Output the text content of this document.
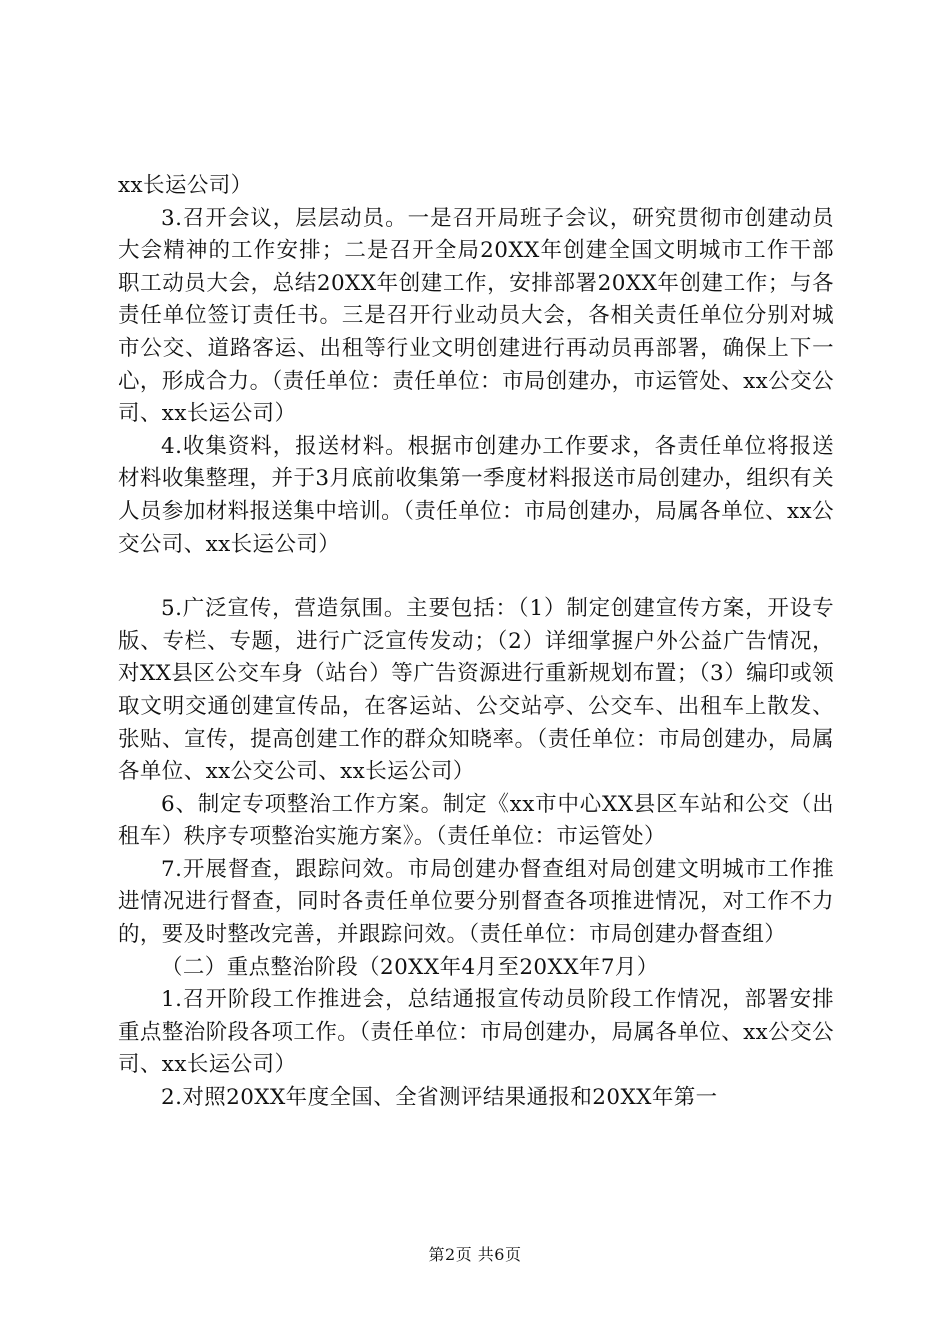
xx长运公司）

3.召开会议，层层动员。一是召开局班子会议，研究贯彻市创建动员大会精神的工作安排；二是召开全局20XX年创建全国文明城市工作干部职工动员大会，总结20XX年创建工作，安排部署20XX年创建工作；与各责任单位签订责任书。三是召开行业动员大会，各相关责任单位分别对城市公交、道路客运、出租等行业文明创建进行再动员再部署，确保上下一心，形成合力。（责任单位：责任单位：市局创建办，市运管处、xx公交公司、xx长运公司）

4.收集资料，报送材料。根据市创建办工作要求，各责任单位将报送材料收集整理，并于3月底前收集第一季度材料报送市局创建办，组织有关人员参加材料报送集中培训。（责任单位：市局创建办，局属各单位、xx公交公司、xx长运公司）

5.广泛宣传，营造氛围。主要包括：（1）制定创建宣传方案，开设专版、专栏、专题，进行广泛宣传发动；（2）详细掌握户外公益广告情况，对XX县区公交车身（站台）等广告资源进行重新规划布置；（3）编印或领取文明交通创建宣传品，在客运站、公交站亭、公交车、出租车上散发、张贴、宣传，提高创建工作的群众知晓率。（责任单位：市局创建办，局属各单位、xx公交公司、xx长运公司）

6、制定专项整治工作方案。制定《xx市中心XX县区车站和公交（出租车）秩序专项整治实施方案》。（责任单位：市运管处）

7.开展督查，跟踪问效。市局创建办督查组对局创建文明城市工作推进情况进行督查，同时各责任单位要分别督查各项推进情况，对工作不力的，要及时整改完善，并跟踪问效。（责任单位：市局创建办督查组）

（二）重点整治阶段（20XX年4月至20XX年7月）

1.召开阶段工作推进会，总结通报宣传动员阶段工作情况，部署安排重点整治阶段各项工作。（责任单位：市局创建办，局属各单位、xx公交公司、xx长运公司）

2.对照20XX年度全国、全省测评结果通报和20XX年第一

第2页 共6页
